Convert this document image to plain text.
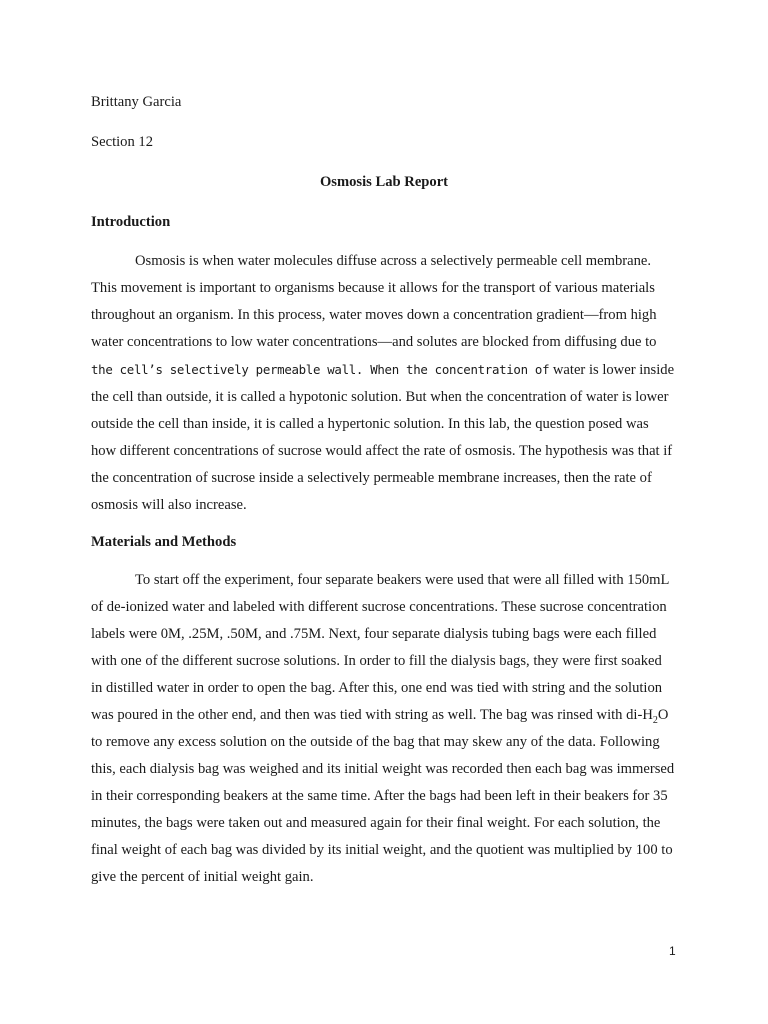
Brittany Garcia
Section 12
Osmosis Lab Report
Introduction

Osmosis is when water molecules diffuse across a selectively permeable cell membrane. This movement is important to organisms because it allows for the transport of various materials throughout an organism. In this process, water moves down a concentration gradient—from high water concentrations to low water concentrations—and solutes are blocked from diffusing due to the cell’s selectively permeable wall. When the concentration of water is lower inside the cell than outside, it is called a hypotonic solution. But when the concentration of water is lower outside the cell than inside, it is called a hypertonic solution. In this lab, the question posed was how different concentrations of sucrose would affect the rate of osmosis. The hypothesis was that if the concentration of sucrose inside a selectively permeable membrane increases, then the rate of osmosis will also increase.

Materials and Methods

To start off the experiment, four separate beakers were used that were all filled with 150mL of de-ionized water and labeled with different sucrose concentrations. These sucrose concentration labels were 0M, .25M, .50M, and .75M. Next, four separate dialysis tubing bags were each filled with one of the different sucrose solutions. In order to fill the dialysis bags, they were first soaked in distilled water in order to open the bag. After this, one end was tied with string and the solution was poured in the other end, and then was tied with string as well. The bag was rinsed with $di-H_2O$ to remove any excess solution on the outside of the bag that may skew any of the data. Following this, each dialysis bag was weighed and its initial weight was recorded then each bag was immersed in their corresponding beakers at the same time. After the bags had been left in their beakers for 35 minutes, the bags were taken out and measured again for their final weight. For each solution, the final weight of each bag was divided by its initial weight, and the quotient was multiplied by 100 to give the percent of initial weight gain.

1
